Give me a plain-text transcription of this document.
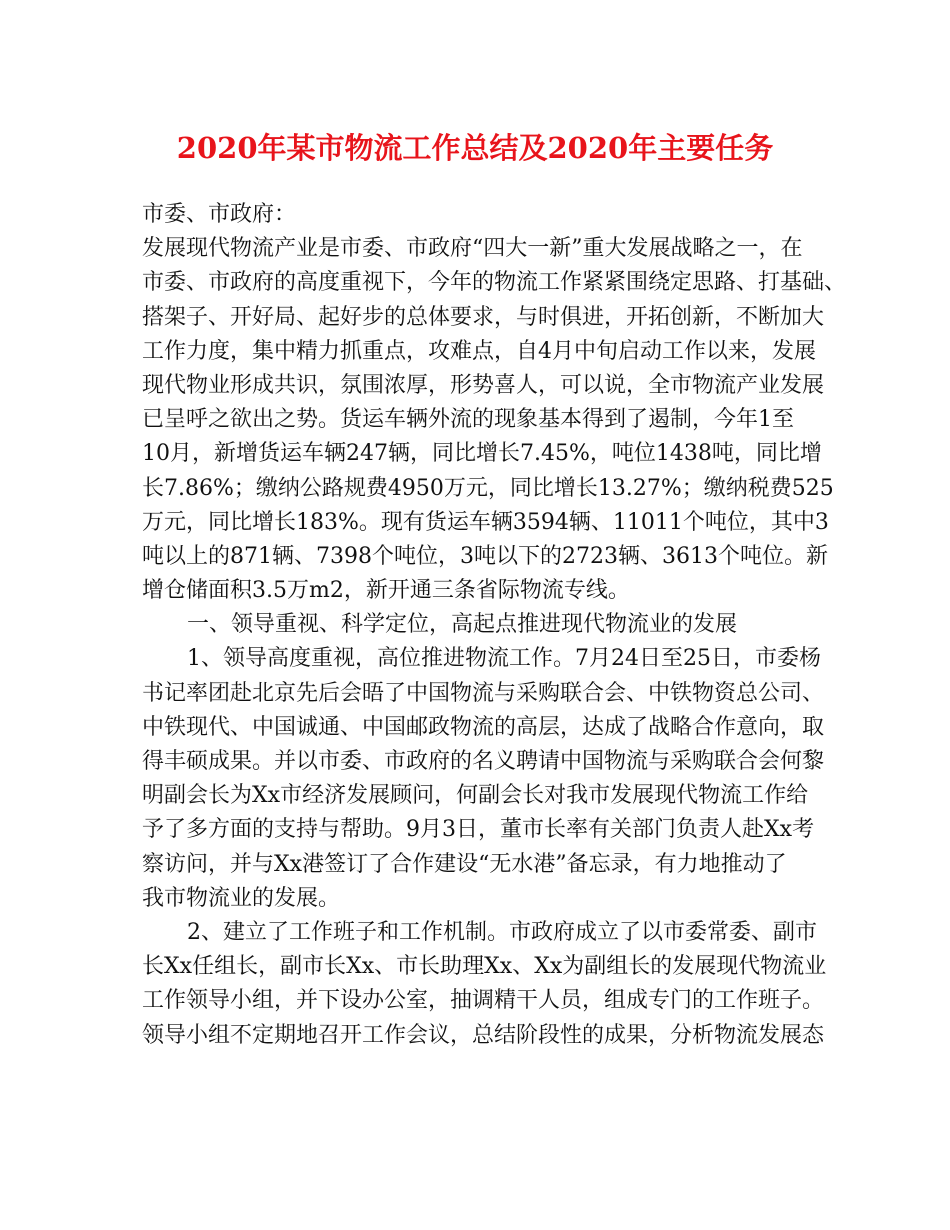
2020年某市物流工作总结及2020年主要任务
市委、市政府：
发展现代物流产业是市委、市政府“四大一新”重大发展战略之一，在
市委、市政府的高度重视下，今年的物流工作紧紧围绕定思路、打基础、
搭架子、开好局、起好步的总体要求，与时俱进，开拓创新，不断加大
工作力度，集中精力抓重点，攻难点，自4月中旬启动工作以来，发展
现代物业形成共识，氛围浓厚，形势喜人，可以说，全市物流产业发展
已呈呼之欲出之势。货运车辆外流的现象基本得到了遏制，今年1至
10月，新增货运车辆247辆，同比增长7.45%，吨位1438吨，同比增
长7.86%；缴纳公路规费4950万元，同比增长13.27%；缴纳税费525
万元，同比增长183%。现有货运车辆3594辆、11011个吨位，其中3
吨以上的871辆、7398个吨位，3吨以下的2723辆、3613个吨位。新
增仓储面积3.5万m2，新开通三条省际物流专线。
一、领导重视、科学定位，高起点推进现代物流业的发展
1、领导高度重视，高位推进物流工作。7月24日至25日，市委杨
书记率团赴北京先后会晤了中国物流与采购联合会、中铁物资总公司、
中铁现代、中国诚通、中国邮政物流的高层，达成了战略合作意向，取
得丰硕成果。并以市委、市政府的名义聘请中国物流与采购联合会何黎
明副会长为Xx市经济发展顾问，何副会长对我市发展现代物流工作给
予了多方面的支持与帮助。9月3日，董市长率有关部门负责人赴Xx考
察访问，并与Xx港签订了合作建设“无水港”备忘录，有力地推动了
我市物流业的发展。
2、建立了工作班子和工作机制。市政府成立了以市委常委、副市
长Xx任组长，副市长Xx、市长助理Xx、Xx为副组长的发展现代物流业
工作领导小组，并下设办公室，抽调精干人员，组成专门的工作班子。
领导小组不定期地召开工作会议，总结阶段性的成果，分析物流发展态
